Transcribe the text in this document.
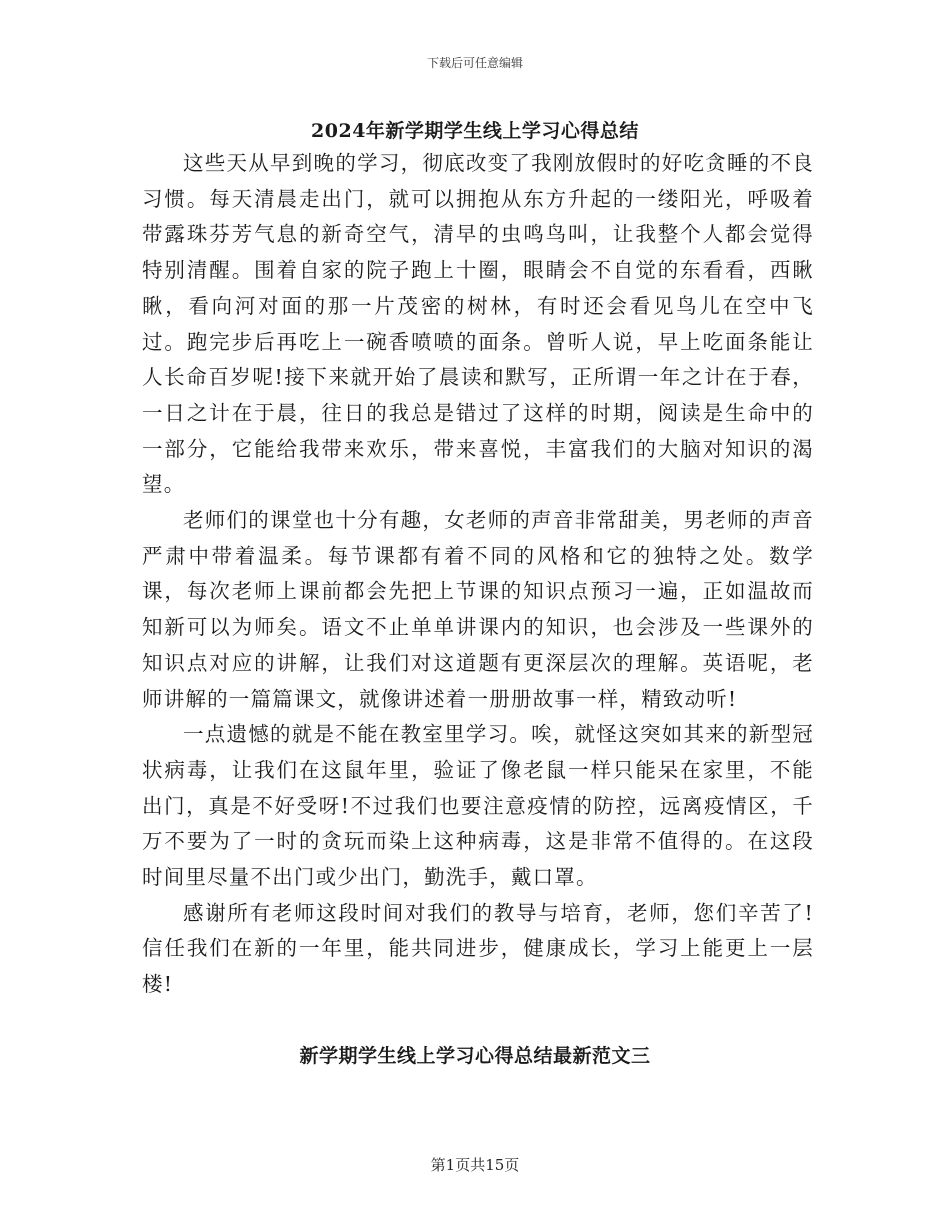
下载后可任意编辑
2024年新学期学生线上学习心得总结

这些天从早到晚的学习，彻底改变了我刚放假时的好吃贪睡的不良习惯。每天清晨走出门，就可以拥抱从东方升起的一缕阳光，呼吸着带露珠芬芳气息的新奇空气，清早的虫鸣鸟叫，让我整个人都会觉得特别清醒。围着自家的院子跑上十圈，眼睛会不自觉的东看看，西瞅瞅，看向河对面的那一片茂密的树林，有时还会看见鸟儿在空中飞过。跑完步后再吃上一碗香喷喷的面条。曾听人说，早上吃面条能让人长命百岁呢!接下来就开始了晨读和默写，正所谓一年之计在于春，一日之计在于晨，往日的我总是错过了这样的时期，阅读是生命中的一部分，它能给我带来欢乐，带来喜悦，丰富我们的大脑对知识的渴望。

老师们的课堂也十分有趣，女老师的声音非常甜美，男老师的声音严肃中带着温柔。每节课都有着不同的风格和它的独特之处。数学课，每次老师上课前都会先把上节课的知识点预习一遍，正如温故而知新可以为师矣。语文不止单单讲课内的知识，也会涉及一些课外的知识点对应的讲解，让我们对这道题有更深层次的理解。英语呢，老师讲解的一篇篇课文，就像讲述着一册册故事一样，精致动听!

一点遗憾的就是不能在教室里学习。唉，就怪这突如其来的新型冠状病毒，让我们在这鼠年里，验证了像老鼠一样只能呆在家里，不能出门，真是不好受呀!不过我们也要注意疫情的防控，远离疫情区，千万不要为了一时的贪玩而染上这种病毒，这是非常不值得的。在这段时间里尽量不出门或少出门，勤洗手，戴口罩。

感谢所有老师这段时间对我们的教导与培育，老师，您们辛苦了!信任我们在新的一年里，能共同进步，健康成长，学习上能更上一层楼!

新学期学生线上学习心得总结最新范文三
第1页共15页
